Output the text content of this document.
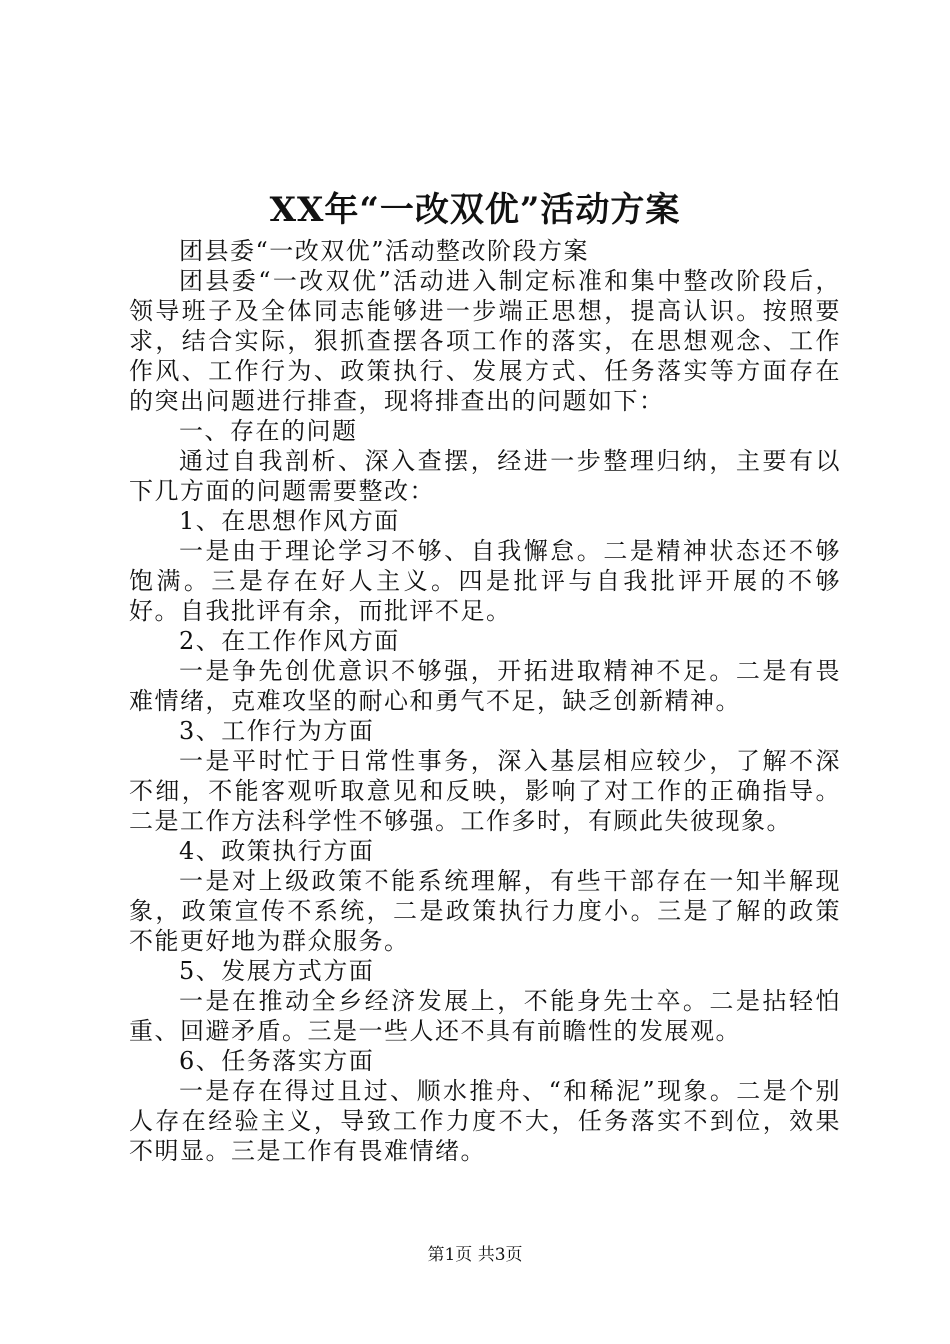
XX年“一改双优”活动方案

团县委“一改双优”活动整改阶段方案

团县委“一改双优”活动进入制定标准和集中整改阶段后，领导班子及全体同志能够进一步端正思想，提高认识。按照要求，结合实际，狠抓查摆各项工作的落实，在思想观念、工作作风、工作行为、政策执行、发展方式、任务落实等方面存在的突出问题进行排查，现将排查出的问题如下：

一、存在的问题

通过自我剖析、深入查摆，经进一步整理归纳，主要有以下几方面的问题需要整改：

1、在思想作风方面

一是由于理论学习不够、自我懈怠。二是精神状态还不够饱满。三是存在好人主义。四是批评与自我批评开展的不够好。自我批评有余，而批评不足。

2、在工作作风方面

一是争先创优意识不够强，开拓进取精神不足。二是有畏难情绪，克难攻坚的耐心和勇气不足，缺乏创新精神。

3、工作行为方面

一是平时忙于日常性事务，深入基层相应较少，了解不深不细，不能客观听取意见和反映，影响了对工作的正确指导。二是工作方法科学性不够强。工作多时，有顾此失彼现象。

4、政策执行方面

一是对上级政策不能系统理解，有些干部存在一知半解现象，政策宣传不系统，二是政策执行力度小。三是了解的政策不能更好地为群众服务。

5、发展方式方面

一是在推动全乡经济发展上，不能身先士卒。二是拈轻怕重、回避矛盾。三是一些人还不具有前瞻性的发展观。

6、任务落实方面

一是存在得过且过、顺水推舟、“和稀泥”现象。二是个别人存在经验主义，导致工作力度不大，任务落实不到位，效果不明显。三是工作有畏难情绪。

第1页 共3页
